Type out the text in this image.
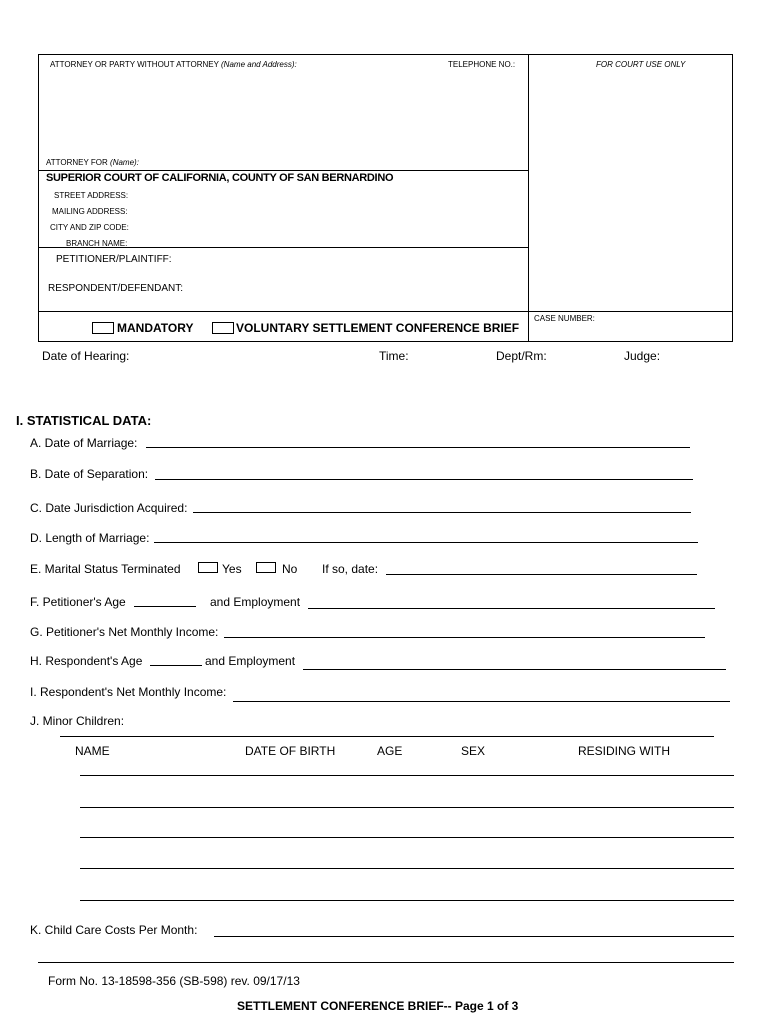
ATTORNEY OR PARTY WITHOUT ATTORNEY (Name and Address):	TELEPHONE NO.:	FOR COURT USE ONLY
ATTORNEY FOR (Name):
SUPERIOR COURT OF CALIFORNIA, COUNTY OF SAN BERNARDINO
STREET ADDRESS:
MAILING ADDRESS:
CITY AND ZIP CODE:
BRANCH NAME:
PETITIONER/PLAINTIFF:
RESPONDENT/DEFENDANT:
MANDATORY	VOLUNTARY SETTLEMENT CONFERENCE BRIEF
CASE NUMBER:
Date of Hearing:	Time:	Dept/Rm:	Judge:
I. STATISTICAL DATA:
A. Date of Marriage:
B. Date of Separation:
C. Date Jurisdiction Acquired:
D. Length of Marriage:
E. Marital Status Terminated	Yes	No If so, date:
F. Petitioner's Age	and Employment
G. Petitioner's Net Monthly Income:
H. Respondent's Age	and Employment
I. Respondent's Net Monthly Income:
J. Minor Children:
NAME	DATE OF BIRTH	AGE	SEX	RESIDING WITH
K. Child Care Costs Per Month:
Form No. 13-18598-356 (SB-598) rev. 09/17/13
SETTLEMENT CONFERENCE BRIEF-- Page 1 of 3
